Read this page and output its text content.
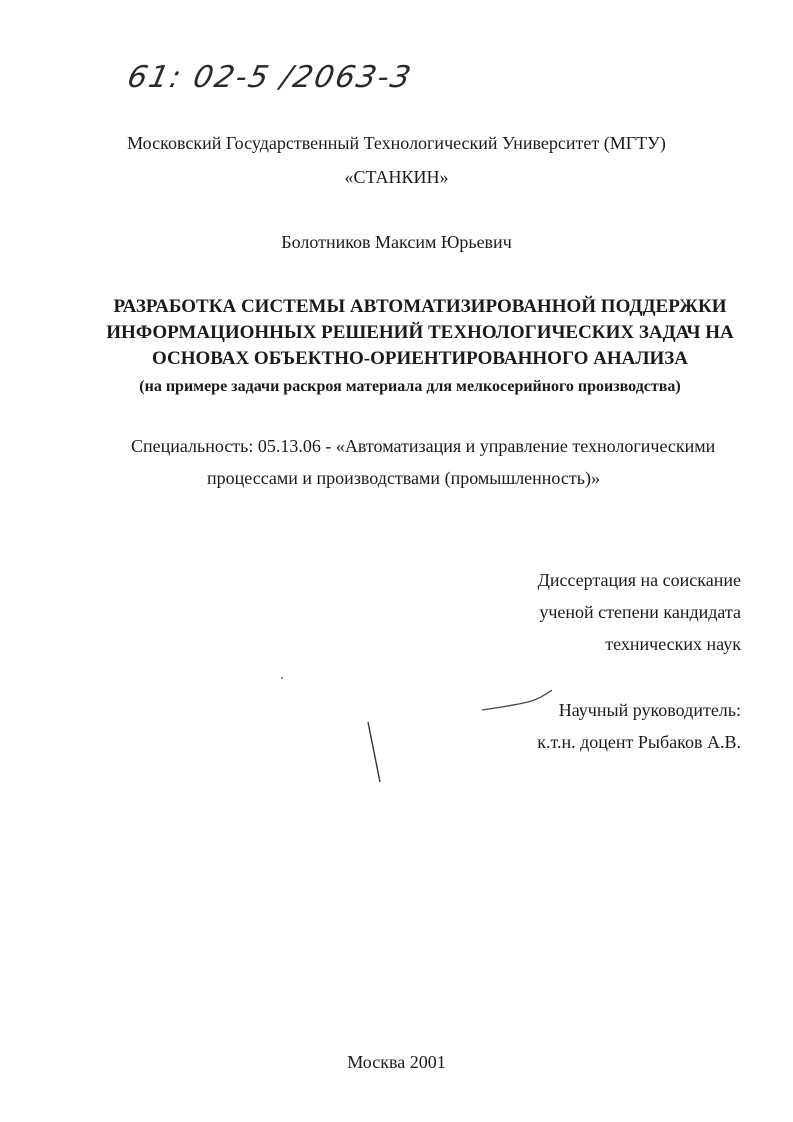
61: 02-5 /2063-3
Московский Государственный Технологический Университет (МГТУ)
«СТАНКИН»
Болотников Максим Юрьевич
РАЗРАБОТКА СИСТЕМЫ АВТОМАТИЗИРОВАННОЙ ПОДДЕРЖКИ
ИНФОРМАЦИОННЫХ РЕШЕНИЙ ТЕХНОЛОГИЧЕСКИХ ЗАДАЧ НА
ОСНОВАХ ОБЪЕКТНО-ОРИЕНТИРОВАННОГО АНАЛИЗА
(на примере задачи раскроя материала для мелкосерийного производства)
Специальность: 05.13.06 - «Автоматизация и управление технологическими
процессами и производствами (промышленность)»
Диссертация на соискание
ученой степени кандидата
технических наук
Научный руководитель:
к.т.н. доцент Рыбаков А.В.
Москва 2001
